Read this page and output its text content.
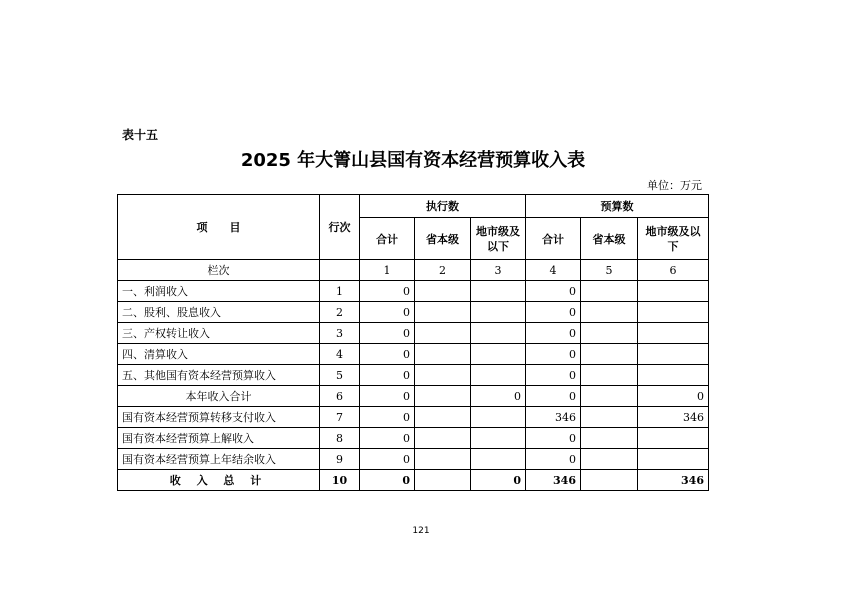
表十五
2025 年大箐山县国有资本经营预算收入表
单位：万元
项　　目	行次	执行数			预算数		
		合计	省本级	地市级及以下	合计	省本级	地市级及以下
栏次		1	2	3	4	5	6
一、利润收入	1	0			0		
二、股利、股息收入	2	0			0		
三、产权转让收入	3	0			0		
四、清算收入	4	0			0		
五、其他国有资本经营预算收入	5	0			0		
本年收入合计	6	0		0	0		0
国有资本经营预算转移支付收入	7	0			346		346
国有资本经营预算上解收入	8	0			0		
国有资本经营预算上年结余收入	9	0			0		
收 入 总 计	10	0		0	346		346
121
